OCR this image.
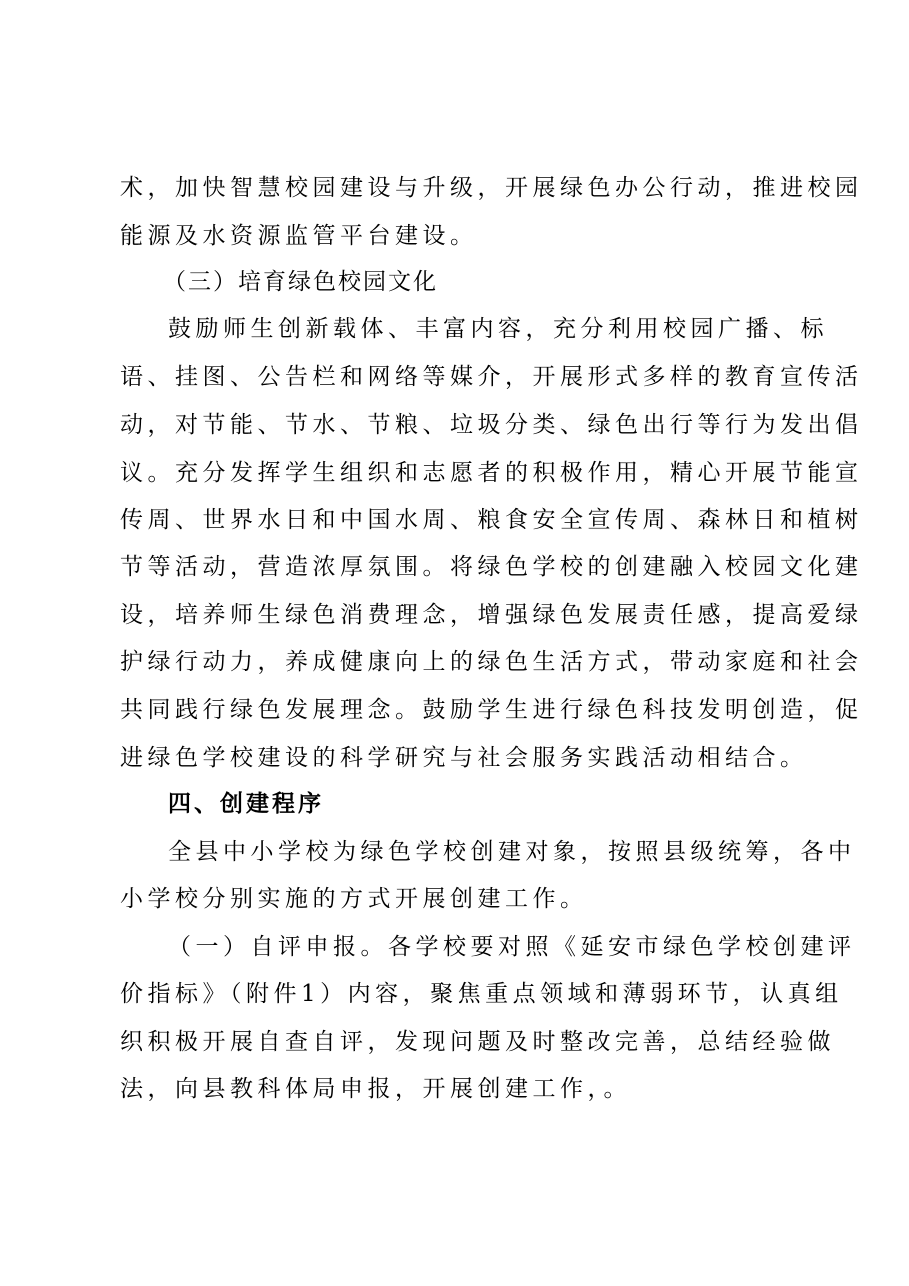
术，加快智慧校园建设与升级，开展绿色办公行动，推进校园
能源及水资源监管平台建设。
（三）培育绿色校园文化
鼓励师生创新载体、丰富内容，充分利用校园广播、标
语、挂图、公告栏和网络等媒介，开展形式多样的教育宣传活
动，对节能、节水、节粮、垃圾分类、绿色出行等行为发出倡
议。充分发挥学生组织和志愿者的积极作用，精心开展节能宣
传周、世界水日和中国水周、粮食安全宣传周、森林日和植树
节等活动，营造浓厚氛围。将绿色学校的创建融入校园文化建
设，培养师生绿色消费理念，增强绿色发展责任感，提高爱绿
护绿行动力，养成健康向上的绿色生活方式，带动家庭和社会
共同践行绿色发展理念。鼓励学生进行绿色科技发明创造，促
进绿色学校建设的科学研究与社会服务实践活动相结合。
四、创建程序
全县中小学校为绿色学校创建对象，按照县级统筹，各中
小学校分别实施的方式开展创建工作。
（一）自评申报。各学校要对照《延安市绿色学校创建评
价指标》（附件1）内容，聚焦重点领域和薄弱环节，认真组
织积极开展自查自评，发现问题及时整改完善，总结经验做
法，向县教科体局申报，开展创建工作，。
